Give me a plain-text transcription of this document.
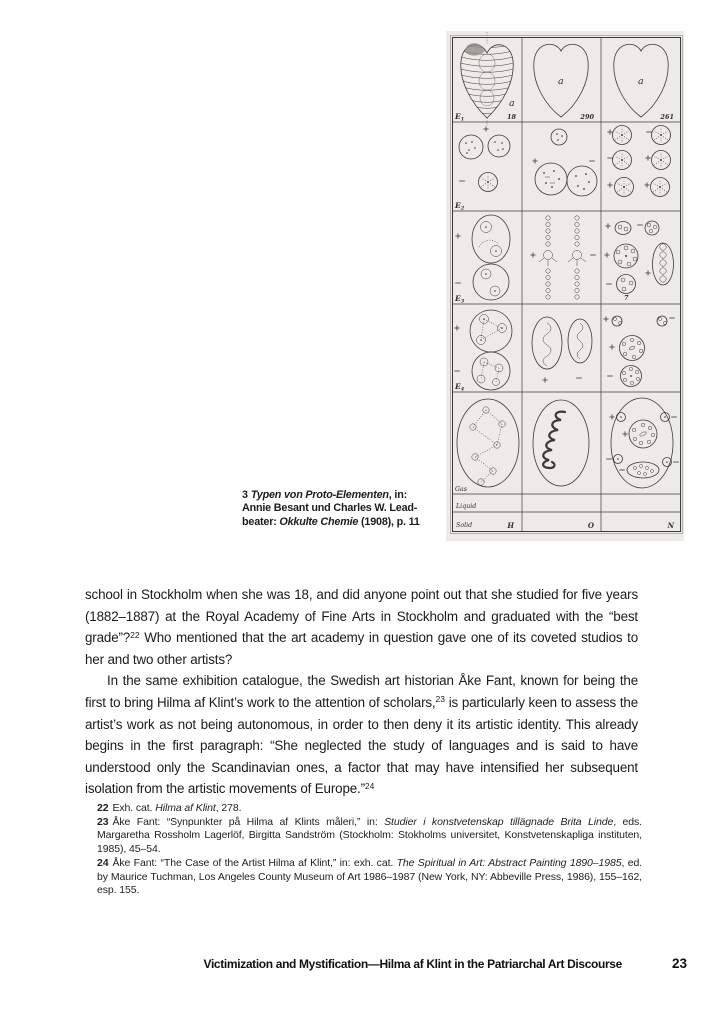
a
$E_1$	18
a
290
a
261
$E_2$
$E_3$	7
$E_4$
Gas
Liquid
Solid	H	O	N
3 Typen von Proto-Elementen, in:
Annie Besant und Charles W. Lead-
beater: Okkulte Chemie (1908), p. 11

school in Stockholm when she was 18, and did anyone point out that she studied for five years (1882–1887) at the Royal Academy of Fine Arts in Stockholm and graduated with the “best grade”?$^{22}$ Who mentioned that the art academy in question gave one of its coveted studios to her and two other artists?

In the same exhibition catalogue, the Swedish art historian Åke Fant, known for being the first to bring Hilma af Klint’s work to the attention of scholars,$^{23}$ is particularly keen to assess the artist’s work as not being autonomous, in order to then deny it its artistic identity. This already begins in the first paragraph: “She neglected the study of languages and is said to have understood only the Scandinavian ones, a factor that may have intensified her subsequent isolation from the artistic movements of Europe.”$^{24}$

22 Exh. cat. Hilma af Klint, 278.

23 Åke Fant: “Synpunkter på Hilma af Klints måleri,” in: Studier i konstvetenskap tillägnade Brita Linde, eds. Margaretha Rossholm Lagerlöf, Birgitta Sandström (Stockholm: Stokholms universitet, Konstvetenskapliga instituten, 1985), 45–54.

24 Åke Fant: “The Case of the Artist Hilma af Klint,” in: exh. cat. The Spiritual in Art: Abstract Painting 1890–1985, ed. by Maurice Tuchman, Los Angeles County Museum of Art 1986–1987 (New York, NY: Abbeville Press, 1986), 155–162, esp. 155.

Victimization and Mystification—Hilma af Klint in the Patriarchal Art Discourse	23
